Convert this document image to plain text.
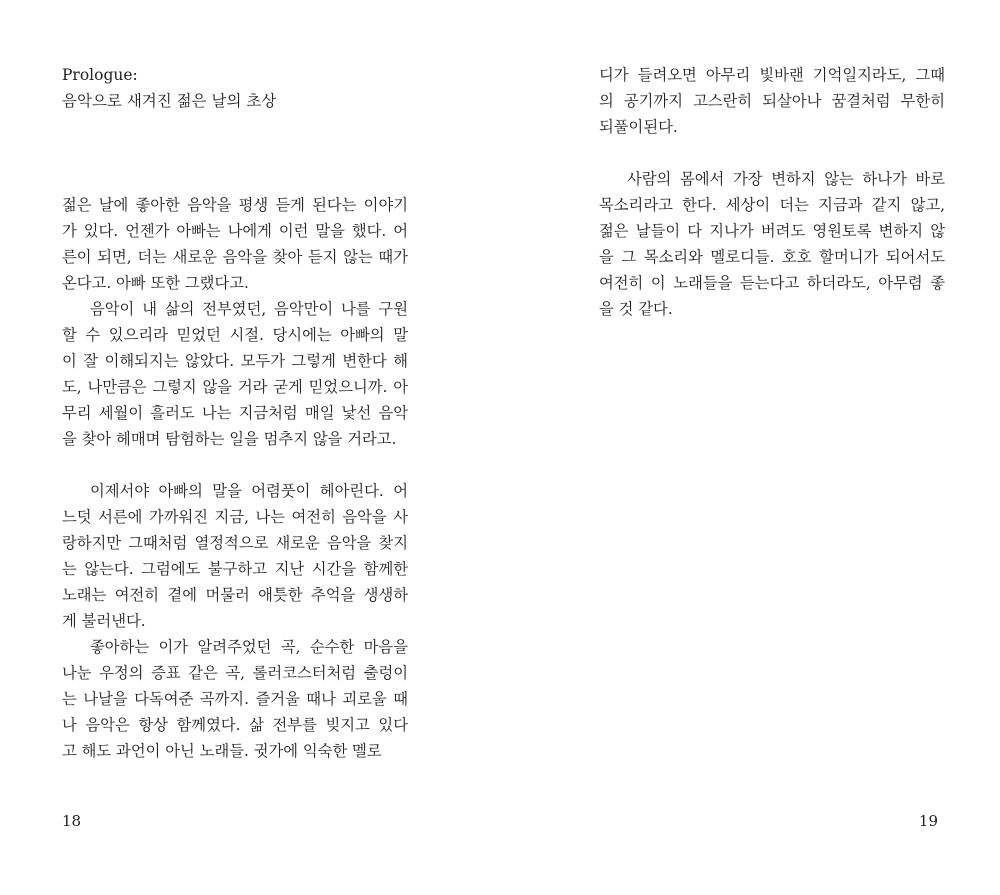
Prologue:
음악으로 새겨진 젊은 날의 초상
젊은 날에 좋아한 음악을 평생 듣게 된다는 이야기
가 있다. 언젠가 아빠는 나에게 이런 말을 했다. 어
른이 되면, 더는 새로운 음악을 찾아 듣지 않는 때가
온다고. 아빠 또한 그랬다고.
음악이 내 삶의 전부였던, 음악만이 나를 구원
할 수 있으리라 믿었던 시절. 당시에는 아빠의 말
이 잘 이해되지는 않았다. 모두가 그렇게 변한다 해
도, 나만큼은 그렇지 않을 거라 굳게 믿었으니까. 아
무리 세월이 흘러도 나는 지금처럼 매일 낯선 음악
을 찾아 헤매며 탐험하는 일을 멈추지 않을 거라고.
이제서야 아빠의 말을 어렴풋이 헤아린다. 어
느덧 서른에 가까워진 지금, 나는 여전히 음악을 사
랑하지만 그때처럼 열정적으로 새로운 음악을 찾지
는 않는다. 그럼에도 불구하고 지난 시간을 함께한
노래는 여전히 곁에 머물러 애틋한 추억을 생생하
게 불러낸다.
좋아하는 이가 알려주었던 곡, 순수한 마음을
나눈 우정의 증표 같은 곡, 롤러코스터처럼 출렁이
는 나날을 다독여준 곡까지. 즐거울 때나 괴로울 때
나 음악은 항상 함께였다. 삶 전부를 빚지고 있다
고 해도 과언이 아닌 노래들. 귓가에 익숙한 멜로
18
디가 들려오면 아무리 빛바랜 기억일지라도, 그때
의 공기까지 고스란히 되살아나 꿈결처럼 무한히
되풀이된다.
사람의 몸에서 가장 변하지 않는 하나가 바로
목소리라고 한다. 세상이 더는 지금과 같지 않고,
젊은 날들이 다 지나가 버려도 영원토록 변하지 않
을 그 목소리와 멜로디들. 호호 할머니가 되어서도
여전히 이 노래들을 듣는다고 하더라도, 아무렴 좋
을 것 같다.
19
